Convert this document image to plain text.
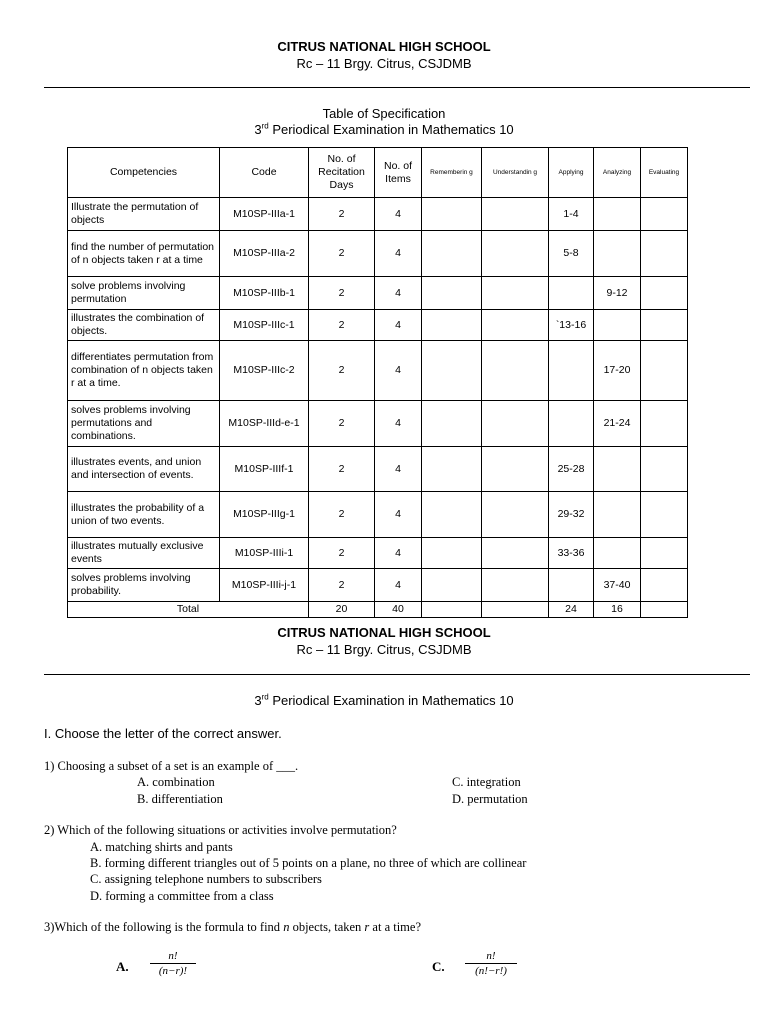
CITRUS NATIONAL HIGH SCHOOL
Rc – 11 Brgy. Citrus, CSJDMB
Table of Specification
3rd Periodical Examination in Mathematics 10
Competencies	Code	No. of Recitation Days	No. of Items	Rememberin g	Understandin g	Applying	Analyzing	Evaluating
Illustrate the permutation of objects	M10SP-IIIa-1	2	4			1-4		
find the number of permutation of n objects taken r at a time	M10SP-IIIa-2	2	4			5-8		
solve problems involving permutation	M10SP-IIIb-1	2	4				9-12	
illustrates the combination of objects.	M10SP-IIIc-1	2	4			`13-16		
differentiates permutation from combination of n objects taken r at a time.	M10SP-IIIc-2	2	4				17-20	
solves problems involving permutations and combinations.	M10SP-IIId-e-1	2	4				21-24	
illustrates events, and union and intersection of events.	M10SP-IIIf-1	2	4			25-28		
illustrates the probability of a union of two events.	M10SP-IIIg-1	2	4			29-32		
illustrates mutually exclusive events	M10SP-IIIi-1	2	4			33-36		
solves problems involving probability.	M10SP-IIIi-j-1	2	4				37-40	
Total		20	40			24	16	
CITRUS NATIONAL HIGH SCHOOL
Rc – 11 Brgy. Citrus, CSJDMB
3rd Periodical Examination in Mathematics 10
I. Choose the letter of the correct answer.
1) Choosing a subset of a set is an example of ___.
A. combination
B. differentiation
C. integration
D. permutation
2) Which of the following situations or activities involve permutation?
A. matching shirts and pants
B. forming different triangles out of 5 points on a plane, no three of which are collinear
C. assigning telephone numbers to subscribers
D. forming a committee from a class
3)Which of the following is the formula to find n objects, taken r at a time?
A. $\frac{n!}{(n-r)!}$	C. $\frac{n!}{(n!-r!)}$
